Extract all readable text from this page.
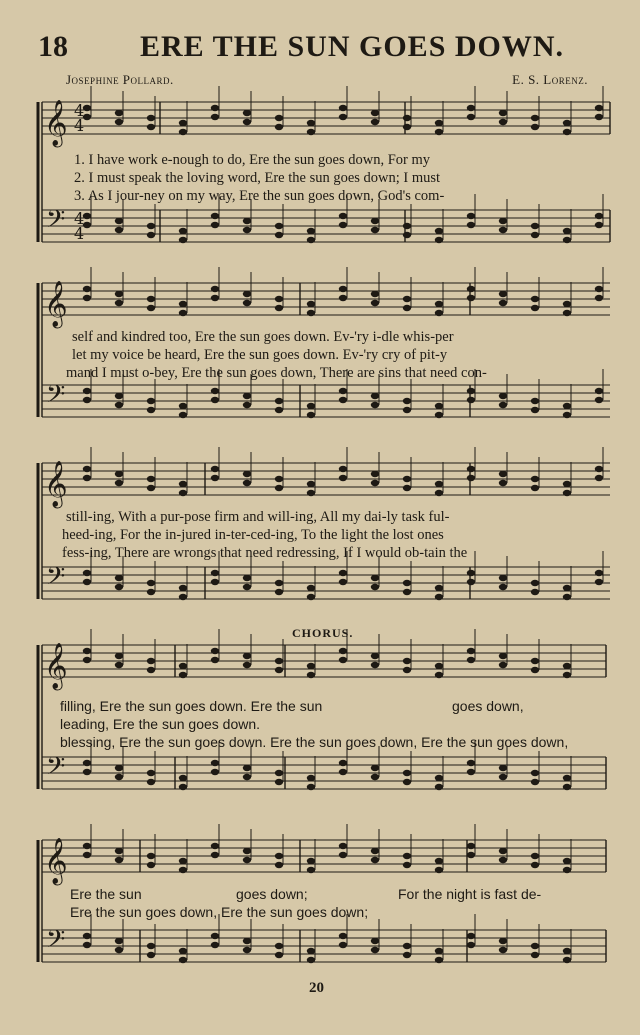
18 ERE THE SUN GOES DOWN.
Josephine Pollard.	E. S. Lorenz.
𝄞
𝄢
4
4
4
4
𝄞
𝄢
𝄞
𝄢
𝄞
𝄢
𝄞
𝄢
1. I have work e-nough to do, Ere the sun goes down, For my
2. I must speak the loving word, Ere the sun goes down; I must
3. As I jour-ney on my way, Ere the sun goes down, God's com-
self and kindred too, Ere the sun goes down. Ev-'ry i-dle whis-per
let my voice be heard, Ere the sun goes down. Ev-'ry cry of pit-y
mand I must o-bey, Ere the sun goes down, There are sins that need con-
still-ing, With a pur-pose firm and will-ing, All my dai-ly task ful-
heed-ing, For the in-jured in-ter-ced-ing, To the light the lost ones
fess-ing, There are wrongs that need redressing, If I would ob-tain the
CHORUS.
filling, Ere the sun goes down. Ere the sun	goes down,
leading, Ere the sun goes down.
blessing, Ere the sun goes down. Ere the sun goes down, Ere the sun goes down,
Ere the sun	goes down;	For the night is fast de-
Ere the sun goes down, Ere the sun goes down;
20
